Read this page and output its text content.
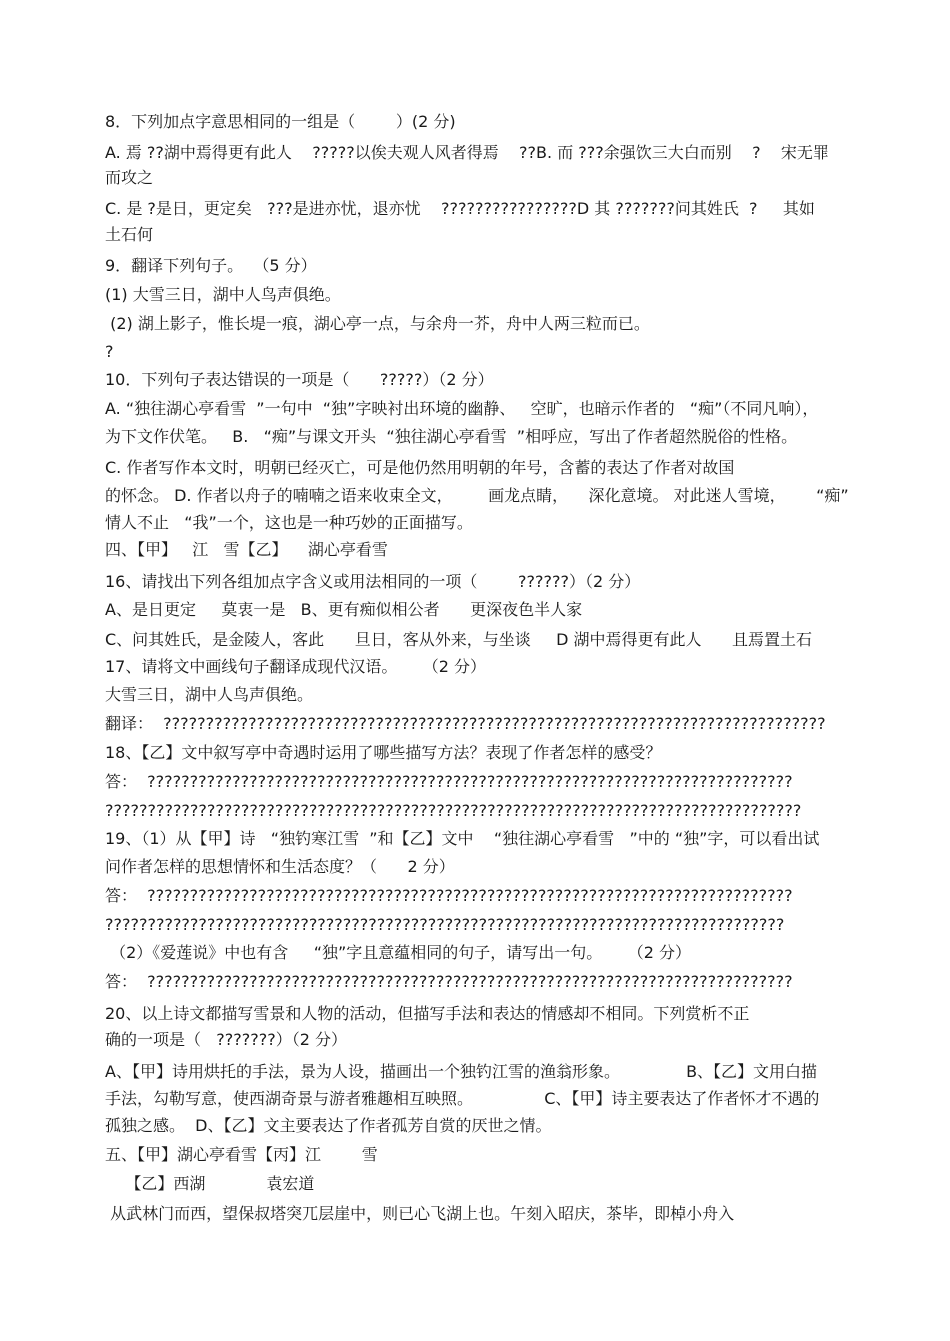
8．下列加点字意思相同的一组是（        ）(2 分)
A. 焉 ??湖中焉得更有此人    ?????以俟夫观人风者得焉    ??B. 而 ???余强饮三大白而别    ?    宋无罪
而攻之
C. 是 ?是日，更定矣   ???是进亦忧，退亦忧    ????????????????D 其 ???????问其姓氏  ?     其如
土石何
9．翻译下列句子。  （5 分）
(1) 大雪三日，湖中人鸟声俱绝。
(2) 湖上影子，惟长堤一痕，湖心亭一点，与余舟一芥，舟中人两三粒而已。
?
10．下列句子表达错误的一项是（      ?????）（2 分）
A. “独往湖心亭看雪  ”一句中  “独”字映衬出环境的幽静、   空旷，也暗示作者的   “痴”（不同凡响），
为下文作伏笔。   B.   “痴”与课文开头  “独往湖心亭看雪  ”相呼应，写出了作者超然脱俗的性格。
C. 作者写作本文时，明朝已经灭亡，可是他仍然用明朝的年号，含蓄的表达了作者对故国
的怀念。 D. 作者以舟子的喃喃之语来收束全文，       画龙点睛，    深化意境。 对此迷人雪境，      “痴”
情人不止   “我”一个，这也是一种巧妙的正面描写。
四、【甲】   江   雪【乙】    湖心亭看雪
16、请找出下列各组加点字含义或用法相同的一项（        ??????）（2 分）
A、是日更定     莫衷一是   B、更有痴似相公者      更深夜色半人家
C、问其姓氏，是金陵人，客此      旦日，客从外来，与坐谈     D 湖中焉得更有此人      且焉置土石
17、请将文中画线句子翻译成现代汉语。     （2 分）
大雪三日，湖中人鸟声俱绝。
翻译：  ??????????????????????????????????????????????????????????????????????????????
18、【乙】文中叙写亭中奇遇时运用了哪些描写方法？表现了作者怎样的感受？
答：  ????????????????????????????????????????????????????????????????????????????
??????????????????????????????????????????????????????????????????????????????????
19、（1）从【甲】诗   “独钓寒江雪  ”和【乙】文中    “独往湖心亭看雪   ”中的 “独”字，可以看出试
问作者怎样的思想情怀和生活态度？（      2 分）
答：  ????????????????????????????????????????????????????????????????????????????
????????????????????????????????????????????????????????????????????????????????
（2）《爱莲说》中也有含     “独”字且意蕴相同的句子，请写出一句。     （2 分）
答：  ????????????????????????????????????????????????????????????????????????????
20、以上诗文都描写雪景和人物的活动，但描写手法和表达的情感却不相同。下列赏析不正
确的一项是（   ???????）（2 分）
A、【甲】诗用烘托的手法，景为人设，描画出一个独钓江雪的渔翁形象。             B、【乙】文用白描
手法，勾勒写意，使西湖奇景与游者雅趣相互映照。              C、【甲】诗主要表达了作者怀才不遇的
孤独之感。  D、【乙】文主要表达了作者孤芳自赏的厌世之情。
五、【甲】湖心亭看雪【丙】江        雪
【乙】西湖            袁宏道
从武林门而西，望保叔塔突兀层崖中，则已心飞湖上也。午刻入昭庆，茶毕，即棹小舟入
